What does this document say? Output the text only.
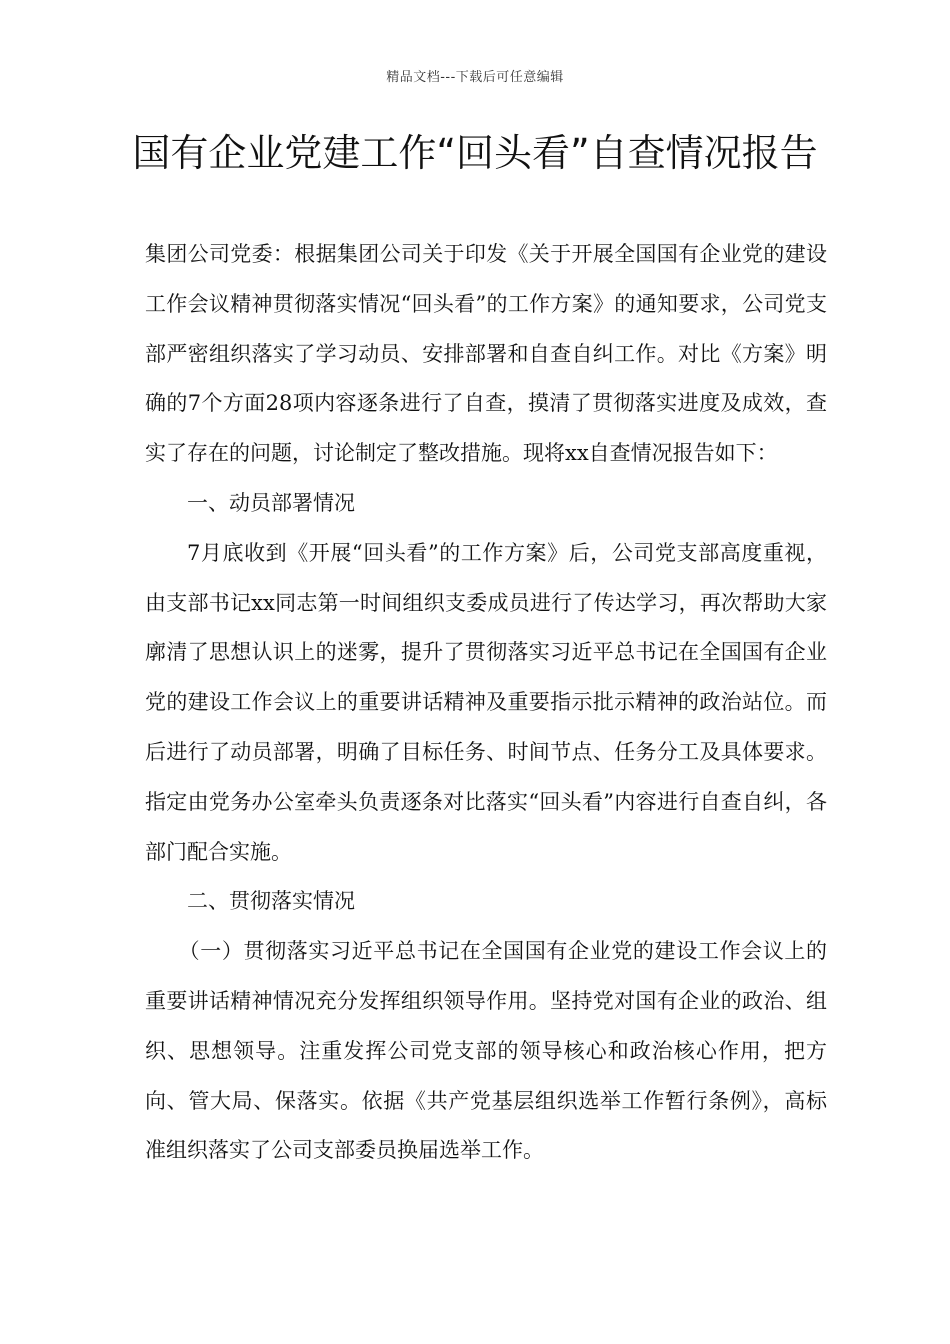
精品文档---下载后可任意编辑
国有企业党建工作“回头看”自查情况报告

集团公司党委：根据集团公司关于印发《关于开展全国国有企业党的建设工作会议精神贯彻落实情况“回头看”的工作方案》的通知要求，公司党支部严密组织落实了学习动员、安排部署和自查自纠工作。对比《方案》明确的7个方面28项内容逐条进行了自查，摸清了贯彻落实进度及成效，查实了存在的问题，讨论制定了整改措施。现将xx自查情况报告如下：

一、动员部署情况

7月底收到《开展“回头看”的工作方案》后，公司党支部高度重视，由支部书记xx同志第一时间组织支委成员进行了传达学习，再次帮助大家廓清了思想认识上的迷雾，提升了贯彻落实习近平总书记在全国国有企业党的建设工作会议上的重要讲话精神及重要指示批示精神的政治站位。而后进行了动员部署，明确了目标任务、时间节点、任务分工及具体要求。指定由党务办公室牵头负责逐条对比落实“回头看”内容进行自查自纠，各部门配合实施。

二、贯彻落实情况

（一）贯彻落实习近平总书记在全国国有企业党的建设工作会议上的重要讲话精神情况充分发挥组织领导作用。坚持党对国有企业的政治、组织、思想领导。注重发挥公司党支部的领导核心和政治核心作用，把方向、管大局、保落实。依据《共产党基层组织选举工作暂行条例》，高标准组织落实了公司支部委员换届选举工作。
